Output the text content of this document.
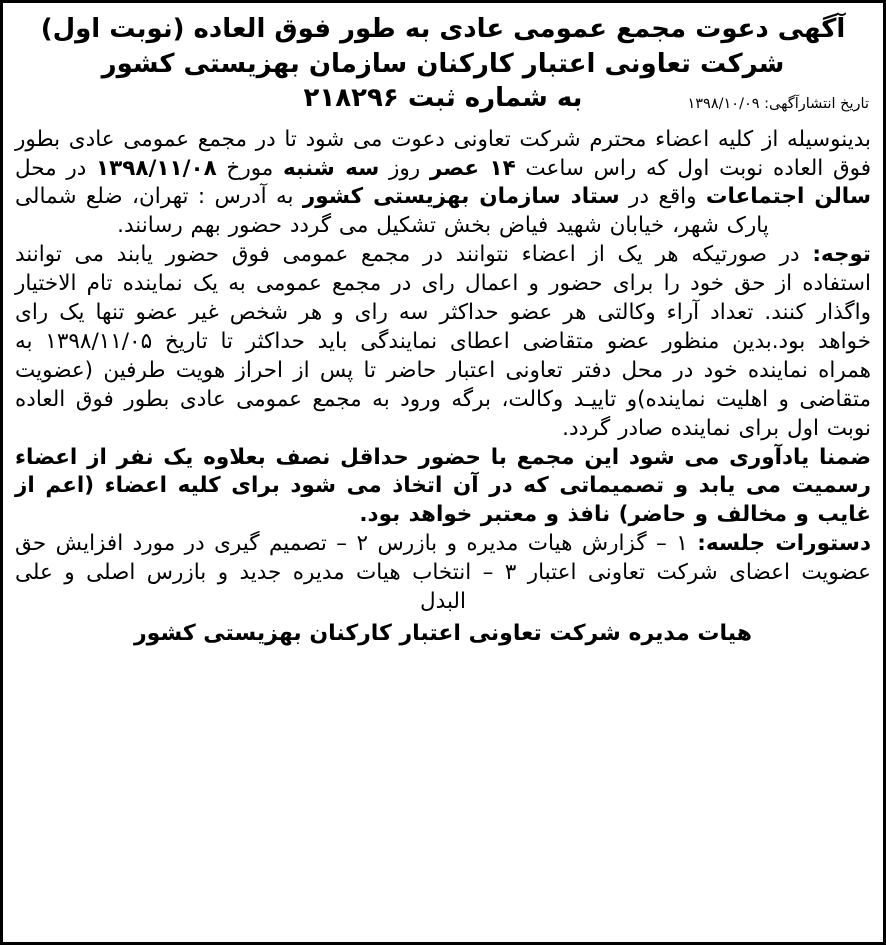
آگهی دعوت مجمع عمومی عادی به طور فوق العاده (نوبت اول)
شرکت تعاونی اعتبار کارکنان سازمان بهزیستی کشور
به شماره ثبت ۲۱۸۲۹۶	تاریخ انتشارآگهی: ۱۳۹۸/۱۰/۰۹

بدینوسیله از کلیه اعضاء محترم شرکت تعاونی دعوت می شود تا در مجمع عمومی عادی بطور فوق العاده نوبت اول که راس ساعت ۱۴ عصر روز سه شنبه مورخ ۱۳۹۸/۱۱/۰۸ در محل سالن اجتماعات واقع در ستاد سازمان بهزیستی کشور به آدرس : تهران، ضلع شمالی پارک شهر، خیابان شهید فیاض بخش تشکیل می گردد حضور بهم رسانند.

توجه: در صورتیکه هر یک از اعضاء نتوانند در مجمع عمومی فوق حضور یابند می توانند استفاده از حق خود را برای حضور و اعمال رای در مجمع عمومی به یک نماینده تام الاختیار واگذار کنند. تعداد آراء وکالتی هر عضو حداکثر سه رای و هر شخص غیر عضو تنها یک رای خواهد بود.بدین منظور عضو متقاضی اعطای نمایندگی باید حداکثر تا تاریخ ۱۳۹۸/۱۱/۰۵ به همراه نماینده خود در محل دفتر تعاونی اعتبار حاضر تا پس از احراز هویت طرفین (عضویت متقاضی و اهلیت نماینده)و تاییـد وکالت، برگه ورود به مجمع عمومی عادی بطور فوق العاده نوبت اول برای نماینده صادر گردد.

ضمنا یادآوری می شود این مجمع با حضور حداقل نصف بعلاوه یک نفر از اعضاء رسمیت می یابد و تصمیماتی که در آن اتخاذ می شود برای کلیه اعضاء (اعم از غایب و مخالف و حاضر) نافذ و معتبر خواهد بود.

دستورات جلسه: ۱ – گزارش هیات مدیره و بازرس ۲ – تصمیم گیری در مورد افزایش حق عضویت اعضای شرکت تعاونی اعتبار ۳ – انتخاب هیات مدیره جدید و بازرس اصلی و علی البدل

هیات مدیره شرکت تعاونی اعتبار کارکنان بهزیستی کشور
